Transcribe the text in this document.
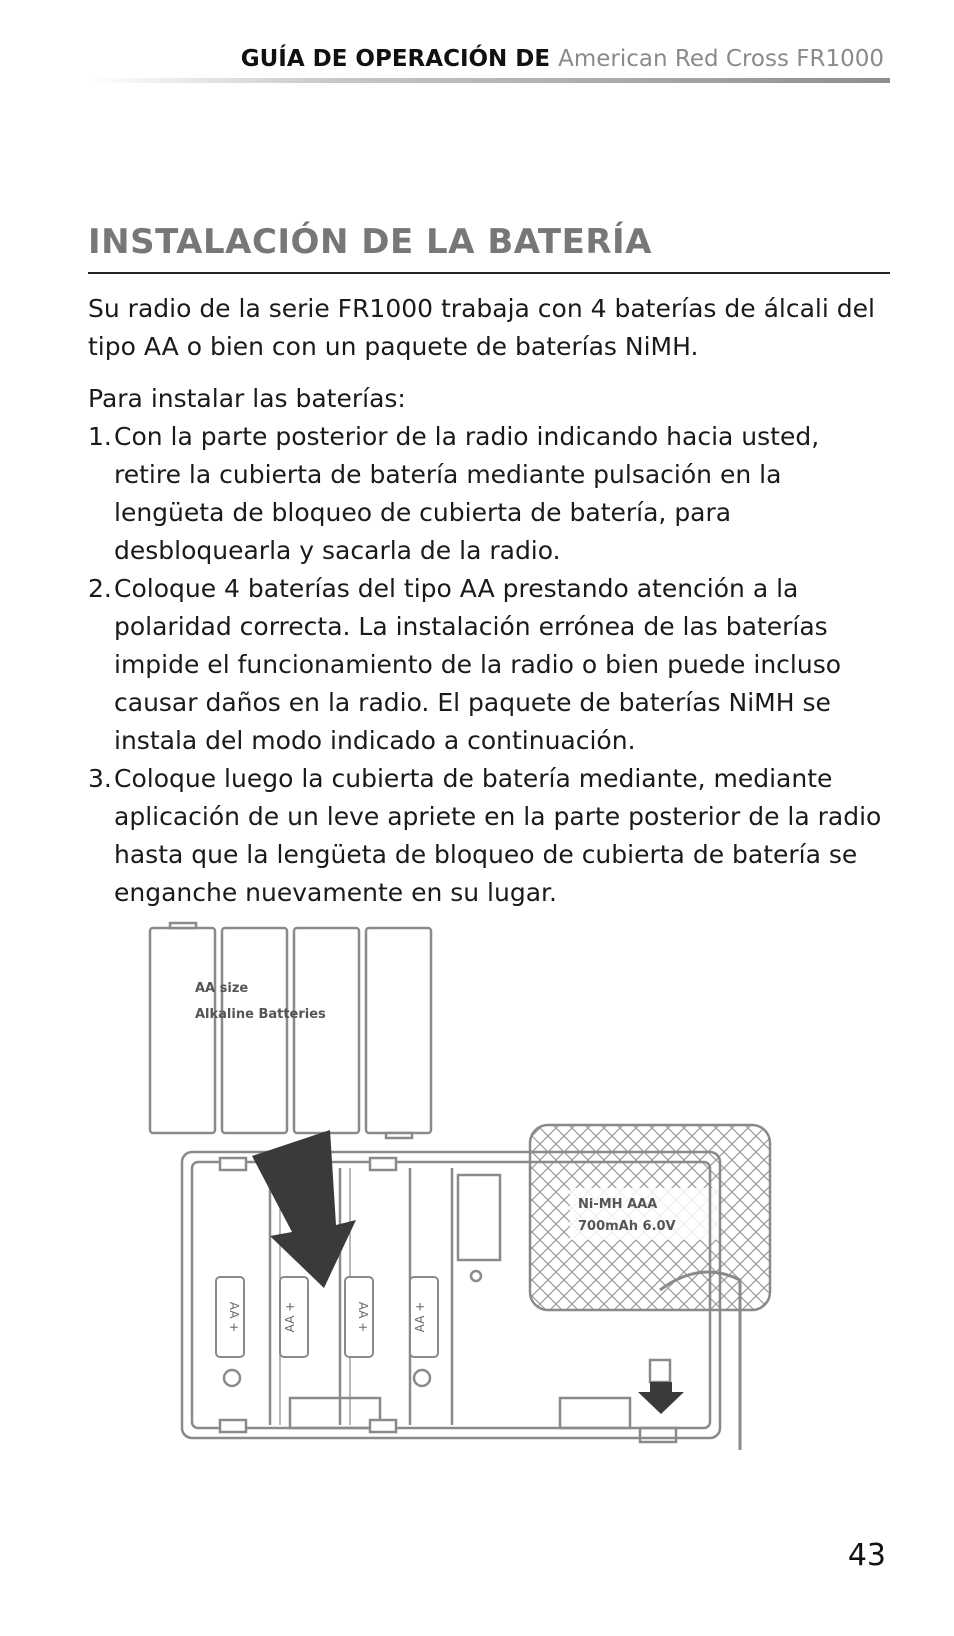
GUÍA DE OPERACIÓN DE American Red Cross FR1000
INSTALACIÓN DE LA BATERÍA
Su radio de la serie FR1000 trabaja con 4 baterías de álcali del tipo AA o bien con un paquete de baterías NiMH.
Para instalar las baterías:
1. Con la parte posterior de la radio indicando hacia usted, retire la cubierta de batería mediante pulsación en la lengüeta de bloqueo de cubierta de batería, para desbloquearla y sacarla de la radio.
2. Coloque 4 baterías del tipo AA prestando atención a la polaridad correcta. La instalación errónea de las baterías impide el funcionamiento de la radio o bien puede incluso causar daños en la radio. El paquete de baterías NiMH se instala del modo indicado a continuación.
3. Coloque luego la cubierta de batería mediante, mediante aplicación de un leve apriete en la parte posterior de la radio hasta que la lengüeta de bloqueo de cubierta de batería se enganche nuevamente en su lugar.
AA size
Alkaline Batteries
Ni-MH AAA
700mAh 6.0V
AA +	AA +	AA +	AA +
43
